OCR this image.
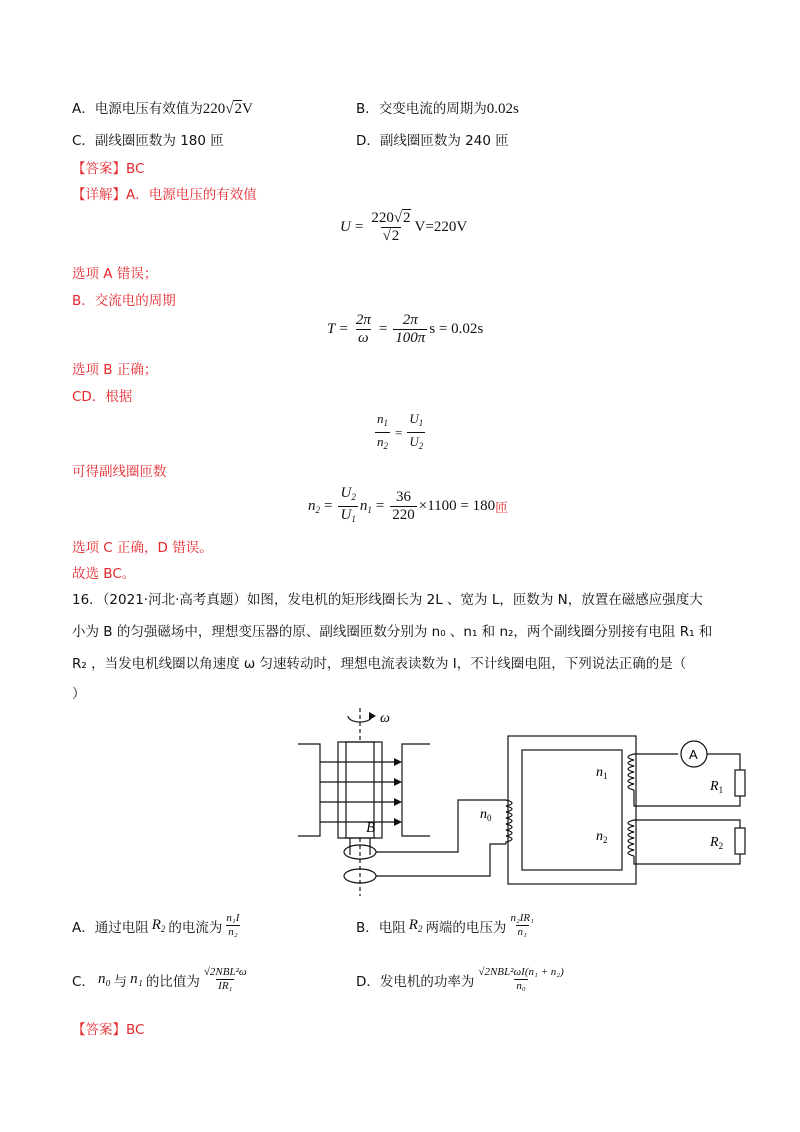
A．电源电压有效值为220√2V	B．交变电流的周期为0.02s
C．副线圈匝数为 180 匝	D．副线圈匝数为 240 匝
【答案】BC
【详解】A．电源电压的有效值
$U = \frac{220√2}{√2} V=220V$
选项 A 错误；
B．交流电的周期
$T = \frac{2\pi}{\omega} = \frac{2\pi}{100\pi}$ s = 0.02s
选项 B 正确；
CD．根据
$\frac{n_1}{n_2} = \frac{U_1}{U_2}$
可得副线圈匝数
$n_2 = \frac{U_2}{U_1} n_1 = \frac{36}{220} \times 1100 = 180$ 匝
选项 C 正确，D 错误。
故选 BC。
16．（2021·河北·高考真题）如图，发电机的矩形线圈长为 2L 、宽为 L，匝数为 N，放置在磁感应强度大
小为 B 的匀强磁场中，理想变压器的原、副线圈匝数分别为 n₀ 、n₁ 和 n₂，两个副线圈分别接有电阻 R₁ 和
R₂ ，当发电机线圈以角速度 ω 匀速转动时，理想电流表读数为 I，不计线圈电阻，下列说法正确的是（
）
ω
B
$n_0$
$n_1$
$n_2$
A
$R_1$
$R_2$
A．通过电阻 $R_2$ 的电流为 $\frac{\text{n₁I}}{\text{n₂}}$	B．电阻 $R_2$ 两端的电压为 $\frac{\text{n₂IR₁}}{\text{n₁}}$
C． n₀ 与 n₁ 的比值为 $\frac{\text{√2NBL²ω}}{\text{IR₁}}$	D．发电机的功率为 $\frac{\text{√2NBL²ωI(n₁ + n₂)}}{\text{n₀}}$
【答案】BC
